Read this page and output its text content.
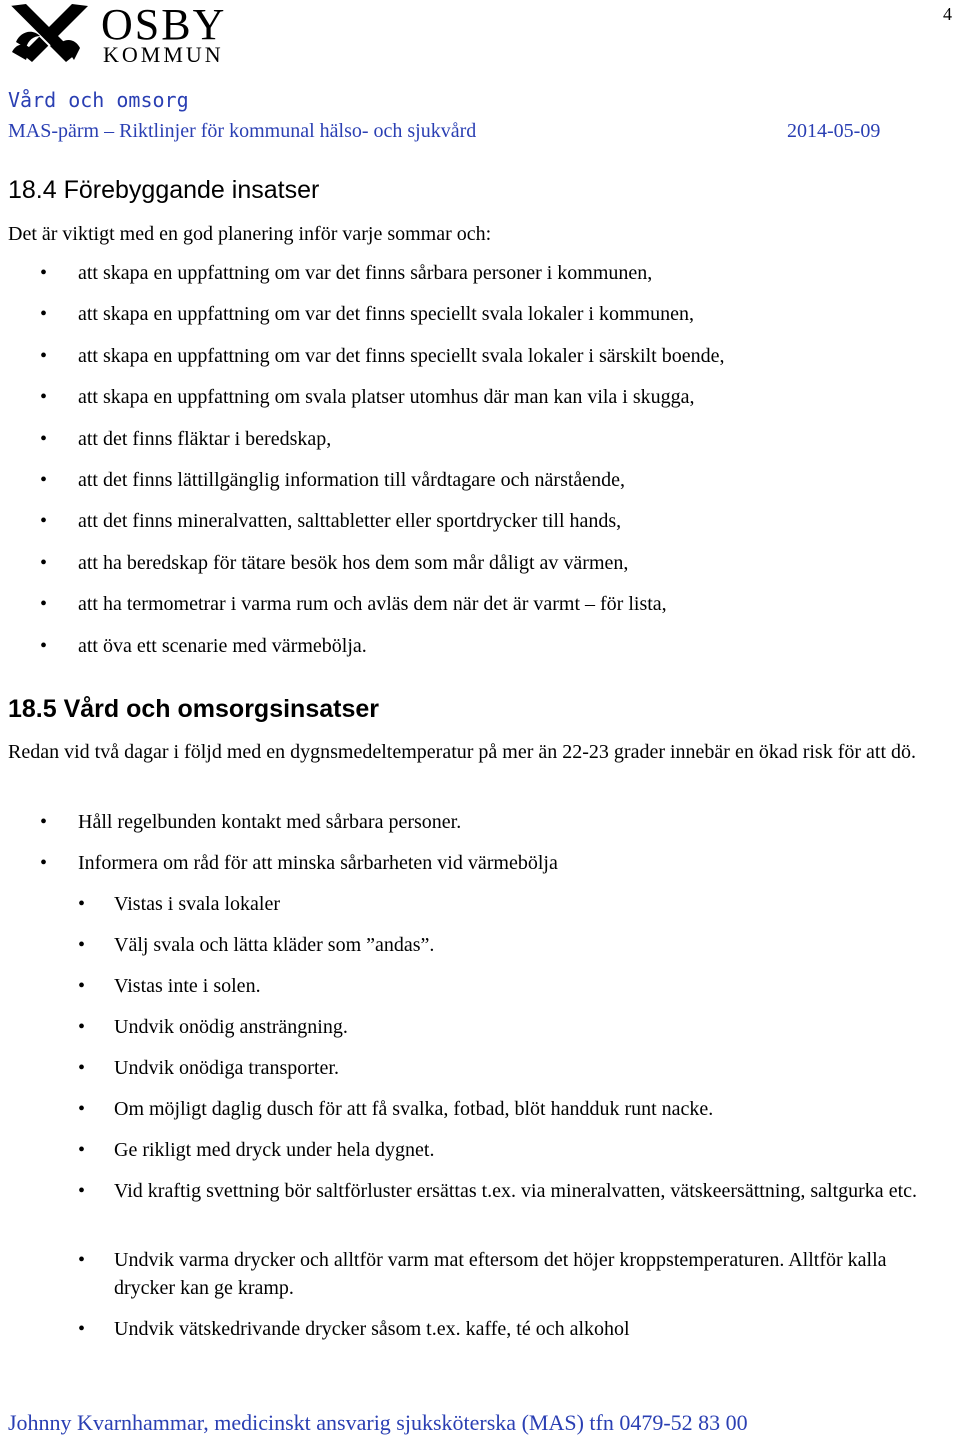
4
OSBY
KOMMUN
Vård och omsorg
MAS-pärm – Riktlinjer för kommunal hälso- och sjukvård	2014-05-09
18.4 Förebyggande insatser

Det är viktigt med en god planering inför varje sommar och:

• att skapa en uppfattning om var det finns sårbara personer i kommunen,
• att skapa en uppfattning om var det finns speciellt svala lokaler i kommunen,
• att skapa en uppfattning om var det finns speciellt svala lokaler i särskilt boende,
• att skapa en uppfattning om svala platser utomhus där man kan vila i skugga,
• att det finns fläktar i beredskap,
• att det finns lättillgänglig information till vårdtagare och närstående,
• att det finns mineralvatten, salttabletter eller sportdrycker till hands,
• att ha beredskap för tätare besök hos dem som mår dåligt av värmen,
• att ha termometrar i varma rum och avläs dem när det är varmt – för lista,
• att öva ett scenarie med värmebölja.
18.5 Vård och omsorgsinsatser

Redan vid två dagar i följd med en dygnsmedeltemperatur på mer än 22-23 grader innebär en ökad risk för att dö.

• Håll regelbunden kontakt med sårbara personer.
• Informera om råd för att minska sårbarheten vid värmebölja
• Vistas i svala lokaler
• Välj svala och lätta kläder som ”andas”.
• Vistas inte i solen.
• Undvik onödig ansträngning.
• Undvik onödiga transporter.
• Om möjligt daglig dusch för att få svalka, fotbad, blöt handduk runt nacke.
• Ge rikligt med dryck under hela dygnet.
• Vid kraftig svettning bör saltförluster ersättas t.ex. via mineralvatten, vätskeersättning, saltgurka etc.
• Undvik varma drycker och alltför varm mat eftersom det höjer kroppstemperaturen. Alltför kalla drycker kan ge kramp.
• Undvik vätskedrivande drycker såsom t.ex. kaffe, té och alkohol
Johnny Kvarnhammar, medicinskt ansvarig sjuksköterska (MAS) tfn 0479-52 83 00
